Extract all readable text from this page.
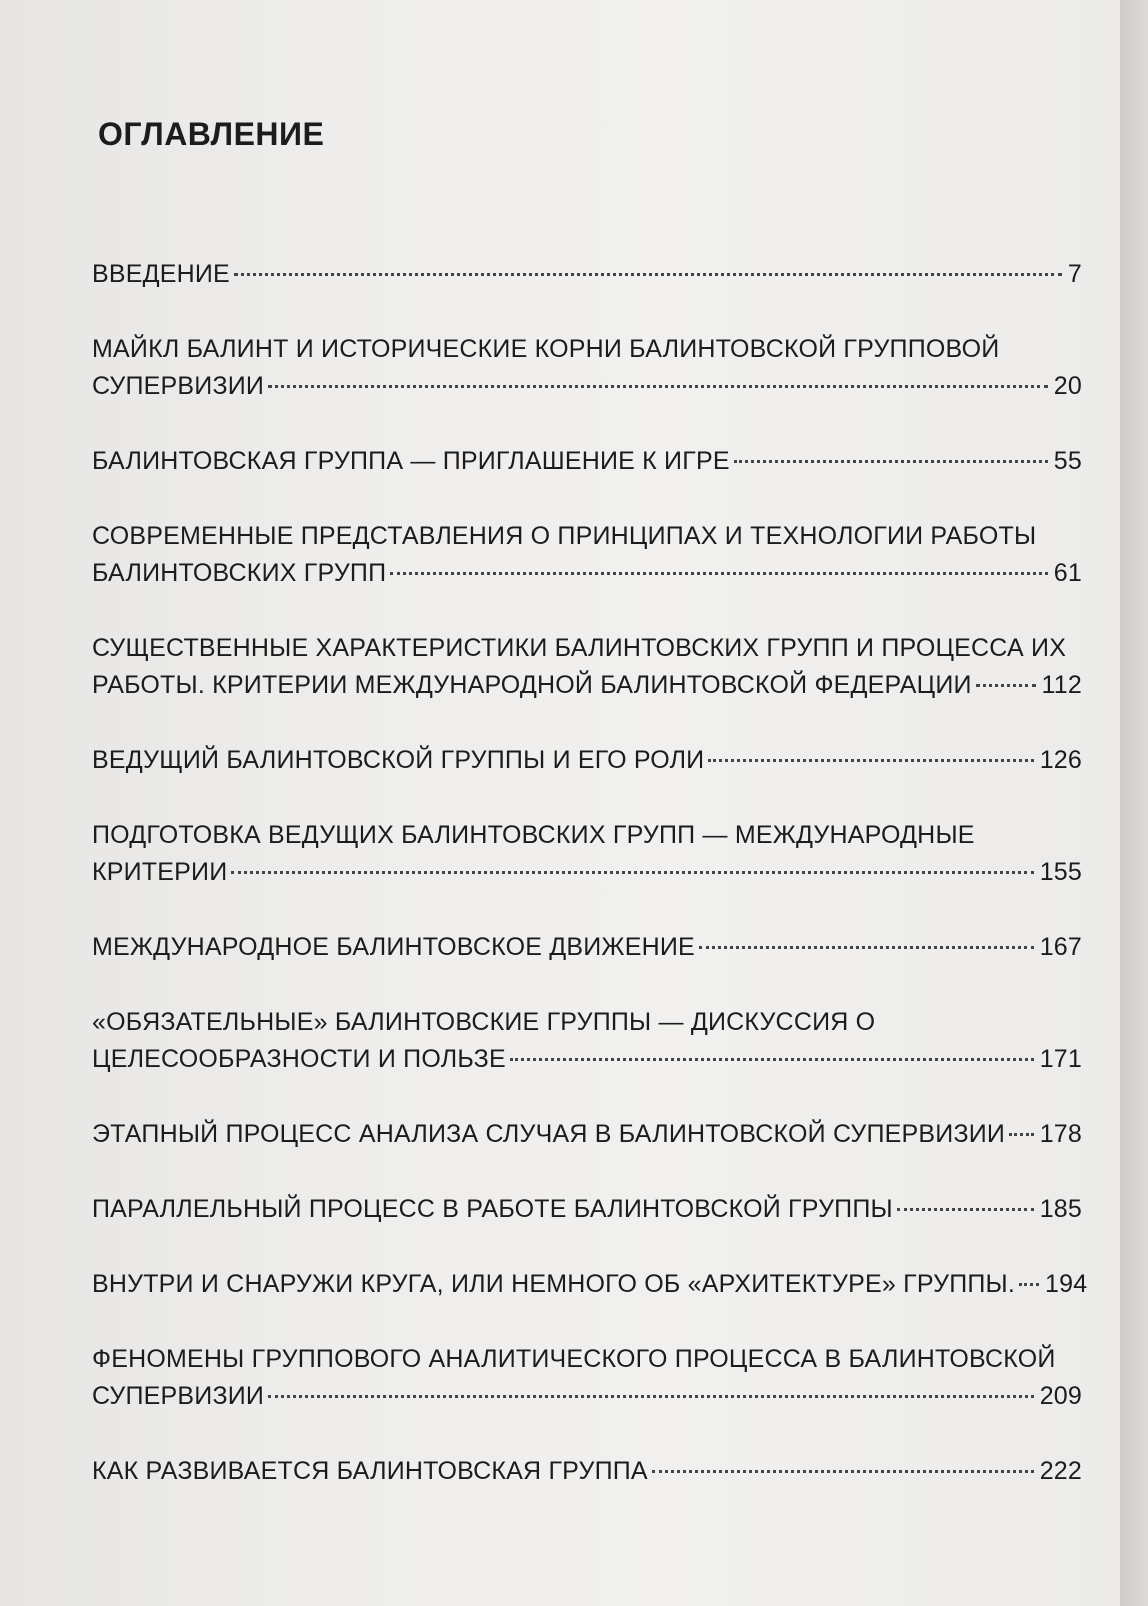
ОГЛАВЛЕНИЕ
ВВЕДЕНИЕ	7
МАЙКЛ БАЛИНТ И ИСТОРИЧЕСКИЕ КОРНИ БАЛИНТОВСКОЙ ГРУППОВОЙ
СУПЕРВИЗИИ	20
БАЛИНТОВСКАЯ ГРУППА — ПРИГЛАШЕНИЕ К ИГРЕ	55
СОВРЕМЕННЫЕ ПРЕДСТАВЛЕНИЯ О ПРИНЦИПАХ И ТЕХНОЛОГИИ РАБОТЫ
БАЛИНТОВСКИХ ГРУПП	61
СУЩЕСТВЕННЫЕ ХАРАКТЕРИСТИКИ БАЛИНТОВСКИХ ГРУПП И ПРОЦЕССА ИХ
РАБОТЫ. КРИТЕРИИ МЕЖДУНАРОДНОЙ БАЛИНТОВСКОЙ ФЕДЕРАЦИИ	112
ВЕДУЩИЙ БАЛИНТОВСКОЙ ГРУППЫ И ЕГО РОЛИ	126
ПОДГОТОВКА ВЕДУЩИХ БАЛИНТОВСКИХ ГРУПП — МЕЖДУНАРОДНЫЕ
КРИТЕРИИ	155
МЕЖДУНАРОДНОЕ БАЛИНТОВСКОЕ ДВИЖЕНИЕ	167
«ОБЯЗАТЕЛЬНЫЕ» БАЛИНТОВСКИЕ ГРУППЫ — ДИСКУССИЯ О
ЦЕЛЕСООБРАЗНОСТИ И ПОЛЬЗЕ	171
ЭТАПНЫЙ ПРОЦЕСС АНАЛИЗА СЛУЧАЯ В БАЛИНТОВСКОЙ СУПЕРВИЗИИ 178
ПАРАЛЛЕЛЬНЫЙ ПРОЦЕСС В РАБОТЕ БАЛИНТОВСКОЙ ГРУППЫ	185
ВНУТРИ И СНАРУЖИ КРУГА, ИЛИ НЕМНОГО ОБ «АРХИТЕКТУРЕ» ГРУППЫ. 194
ФЕНОМЕНЫ ГРУППОВОГО АНАЛИТИЧЕСКОГО ПРОЦЕССА В БАЛИНТОВСКОЙ
СУПЕРВИЗИИ	209
КАК РАЗВИВАЕТСЯ БАЛИНТОВСКАЯ ГРУППА	222
